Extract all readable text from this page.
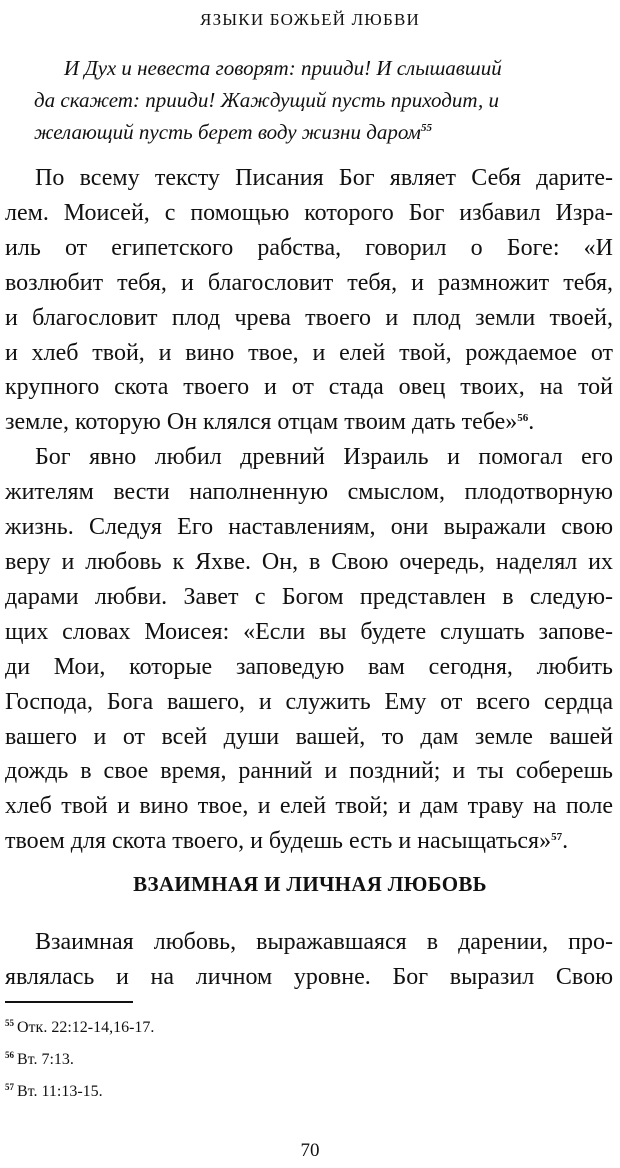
ЯЗЫКИ БОЖЬЕЙ ЛЮБВИ
И Дух и невеста говорят: прииди! И слышавший
да скажет: прииди! Жаждущий пусть приходит, и
желающий пусть берет воду жизни даром$^{55}$
По всему тексту Писания Бог являет Себя дарите-
лем. Моисей, с помощью которого Бог избавил Изра-
иль от египетского рабства, говорил о Боге: «И
возлюбит тебя, и благословит тебя, и размножит тебя,
и благословит плод чрева твоего и плод земли твоей,
и хлеб твой, и вино твое, и елей твой, рождаемое от
крупного скота твоего и от стада овец твоих, на той
земле, которую Он клялся отцам твоим дать тебе»$^{56}$.
Бог явно любил древний Израиль и помогал его
жителям вести наполненную смыслом, плодотворную
жизнь. Следуя Его наставлениям, они выражали свою
веру и любовь к Яхве. Он, в Свою очередь, наделял их
дарами любви. Завет с Богом представлен в следую-
щих словах Моисея: «Если вы будете слушать запове-
ди Мои, которые заповедую вам сегодня, любить
Господа, Бога вашего, и служить Ему от всего сердца
вашего и от всей души вашей, то дам земле вашей
дождь в свое время, ранний и поздний; и ты соберешь
хлеб твой и вино твое, и елей твой; и дам траву на поле
твоем для скота твоего, и будешь есть и насыщаться»$^{57}$.
ВЗАИМНАЯ И ЛИЧНАЯ ЛЮБОВЬ
Взаимная любовь, выражавшаяся в дарении, про-
являлась и на личном уровне. Бог выразил Свою
$^{55}$ Отк. 22:12-14,16-17.
$^{56}$ Вт. 7:13.
$^{57}$ Вт. 11:13-15.
70
